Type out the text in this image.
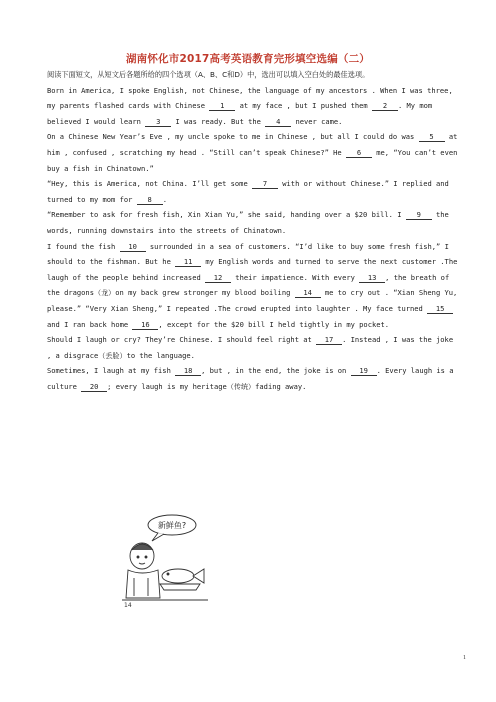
湖南怀化市2017高考英语教育完形填空选编（二）

阅读下面短文，从短文后各题所给的四个选项（A、B、C和D）中，选出可以填入空白处的最佳选项。

Born in America, I spoke English, not Chinese, the language of my ancestors . When I was three, my parents flashed cards with Chinese 1 at my face , but I pushed them 2 . My mom believed I would learn 3 I was ready. But the 4 never came.

On a Chinese New Year’s Eve , my uncle spoke to me in Chinese , but all I could do was 5 at him , confused , scratching my head . “Still can’t speak Chinese?” He 6 me, “You can’t even buy a fish in Chinatown.”

“Hey, this is America, not China. I’ll get some 7 with or without Chinese.” I replied and turned to my mom for 8 .

“Remember to ask for fresh fish, Xin Xian Yu,” she said, handing over a $20 bill. I 9 the words, running downstairs into the streets of Chinatown.

I found the fish 10 surrounded in a sea of customers. “I’d like to buy some fresh fish,” I should to the fishman. But he 11 my English words and turned to serve the next customer .The laugh of the people behind increased 12 their impatience. With every 13 , the breath of the dragons（龙）on my back grew stronger my blood boiling 14 me to cry out . “Xian Sheng Yu, please.” “Very Xian Sheng,” I repeated .The crowd erupted into laughter . My face turned 15 and I ran back home 16 , except for the $20 bill I held tightly in my pocket.

Should I laugh or cry? They’re Chinese. I should feel right at 17 . Instead , I was the joke , a disgrace（丢脸）to the language.

Sometimes, I laugh at my fish 18 , but , in the end, the joke is on 19 . Every laugh is a culture 20 ; every laugh is my heritage（传统）fading away.

新鲜鱼?
14
1
